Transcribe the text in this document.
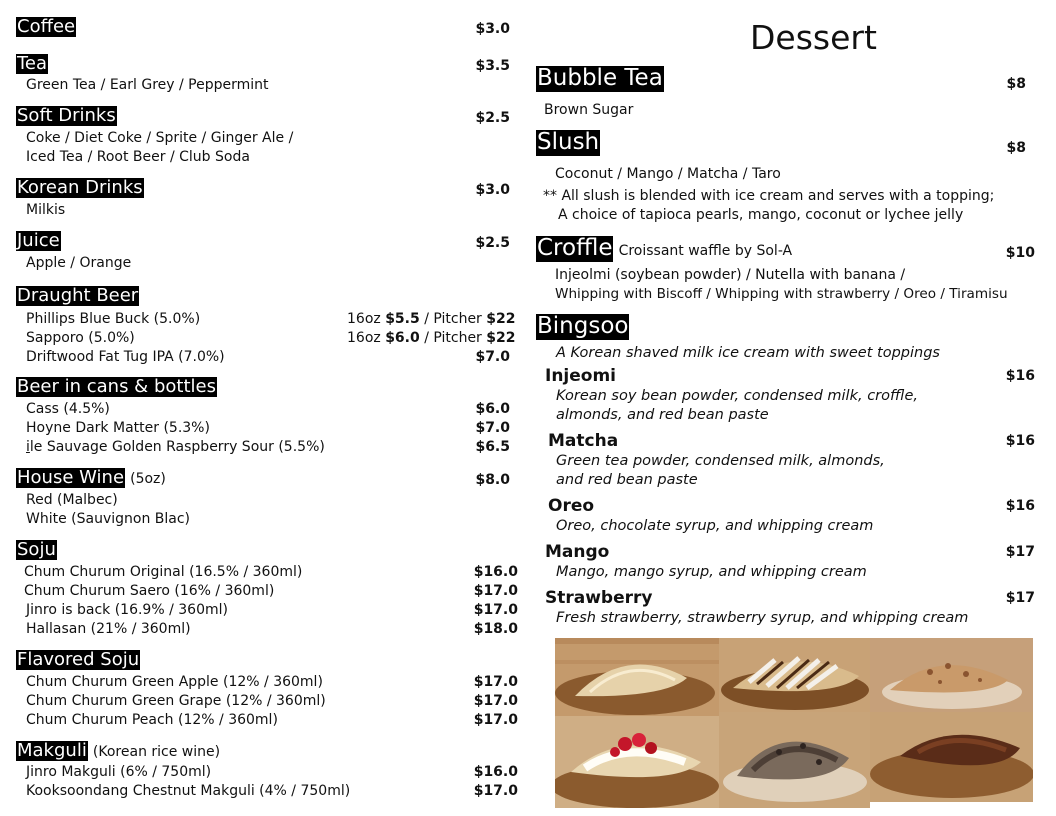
Coffee	$3.0
Tea	$3.5
Green Tea / Earl Grey / Peppermint
Soft Drinks	$2.5
Coke / Diet Coke / Sprite / Ginger Ale /
Iced Tea / Root Beer / Club Soda
Korean Drinks	$3.0
Milkis
Juice	$2.5
Apple / Orange
Draught Beer
Phillips Blue Buck (5.0%)	16oz $5.5 / Pitcher $22
Sapporo (5.0%)	16oz $6.0 / Pitcher $22
Driftwood Fat Tug IPA (7.0%)	$7.0
Beer in cans & bottles
Cass (4.5%)	$6.0
Hoyne Dark Matter (5.3%)	$7.0
ile Sauvage Golden Raspberry Sour (5.5%)	$6.5
House Wine (5oz)	$8.0
Red (Malbec)
White (Sauvignon Blac)
Soju
Chum Churum Original (16.5% / 360ml)	$16.0
Chum Churum Saero (16% / 360ml)	$17.0
Jinro is back (16.9% / 360ml)	$17.0
Hallasan (21% / 360ml)	$18.0
Flavored Soju
Chum Churum Green Apple (12% / 360ml)	$17.0
Chum Churum Green Grape (12% / 360ml)	$17.0
Chum Churum Peach (12% / 360ml)	$17.0
Makguli (Korean rice wine)
Jinro Makguli (6% / 750ml)	$16.0
Kooksoondang Chestnut Makguli (4% / 750ml)	$17.0
Dessert
Bubble Tea	$8
Brown Sugar
Slush	$8
Coconut / Mango / Matcha / Taro
** All slush is blended with ice cream and serves with a topping;
A choice of tapioca pearls, mango, coconut or lychee jelly
Croffle Croissant waffle by Sol-A	$10
Injeolmi (soybean powder) / Nutella with banana /
Whipping with Biscoff / Whipping with strawberry / Oreo / Tiramisu
Bingsoo
A Korean shaved milk ice cream with sweet toppings
Injeomi	$16
Korean soy bean powder, condensed milk, croffle,
almonds, and red bean paste
Matcha	$16
Green tea powder, condensed milk, almonds,
and red bean paste
Oreo	$16
Oreo, chocolate syrup, and whipping cream
Mango	$17
Mango, mango syrup, and whipping cream
Strawberry	$17
Fresh strawberry, strawberry syrup, and whipping cream
